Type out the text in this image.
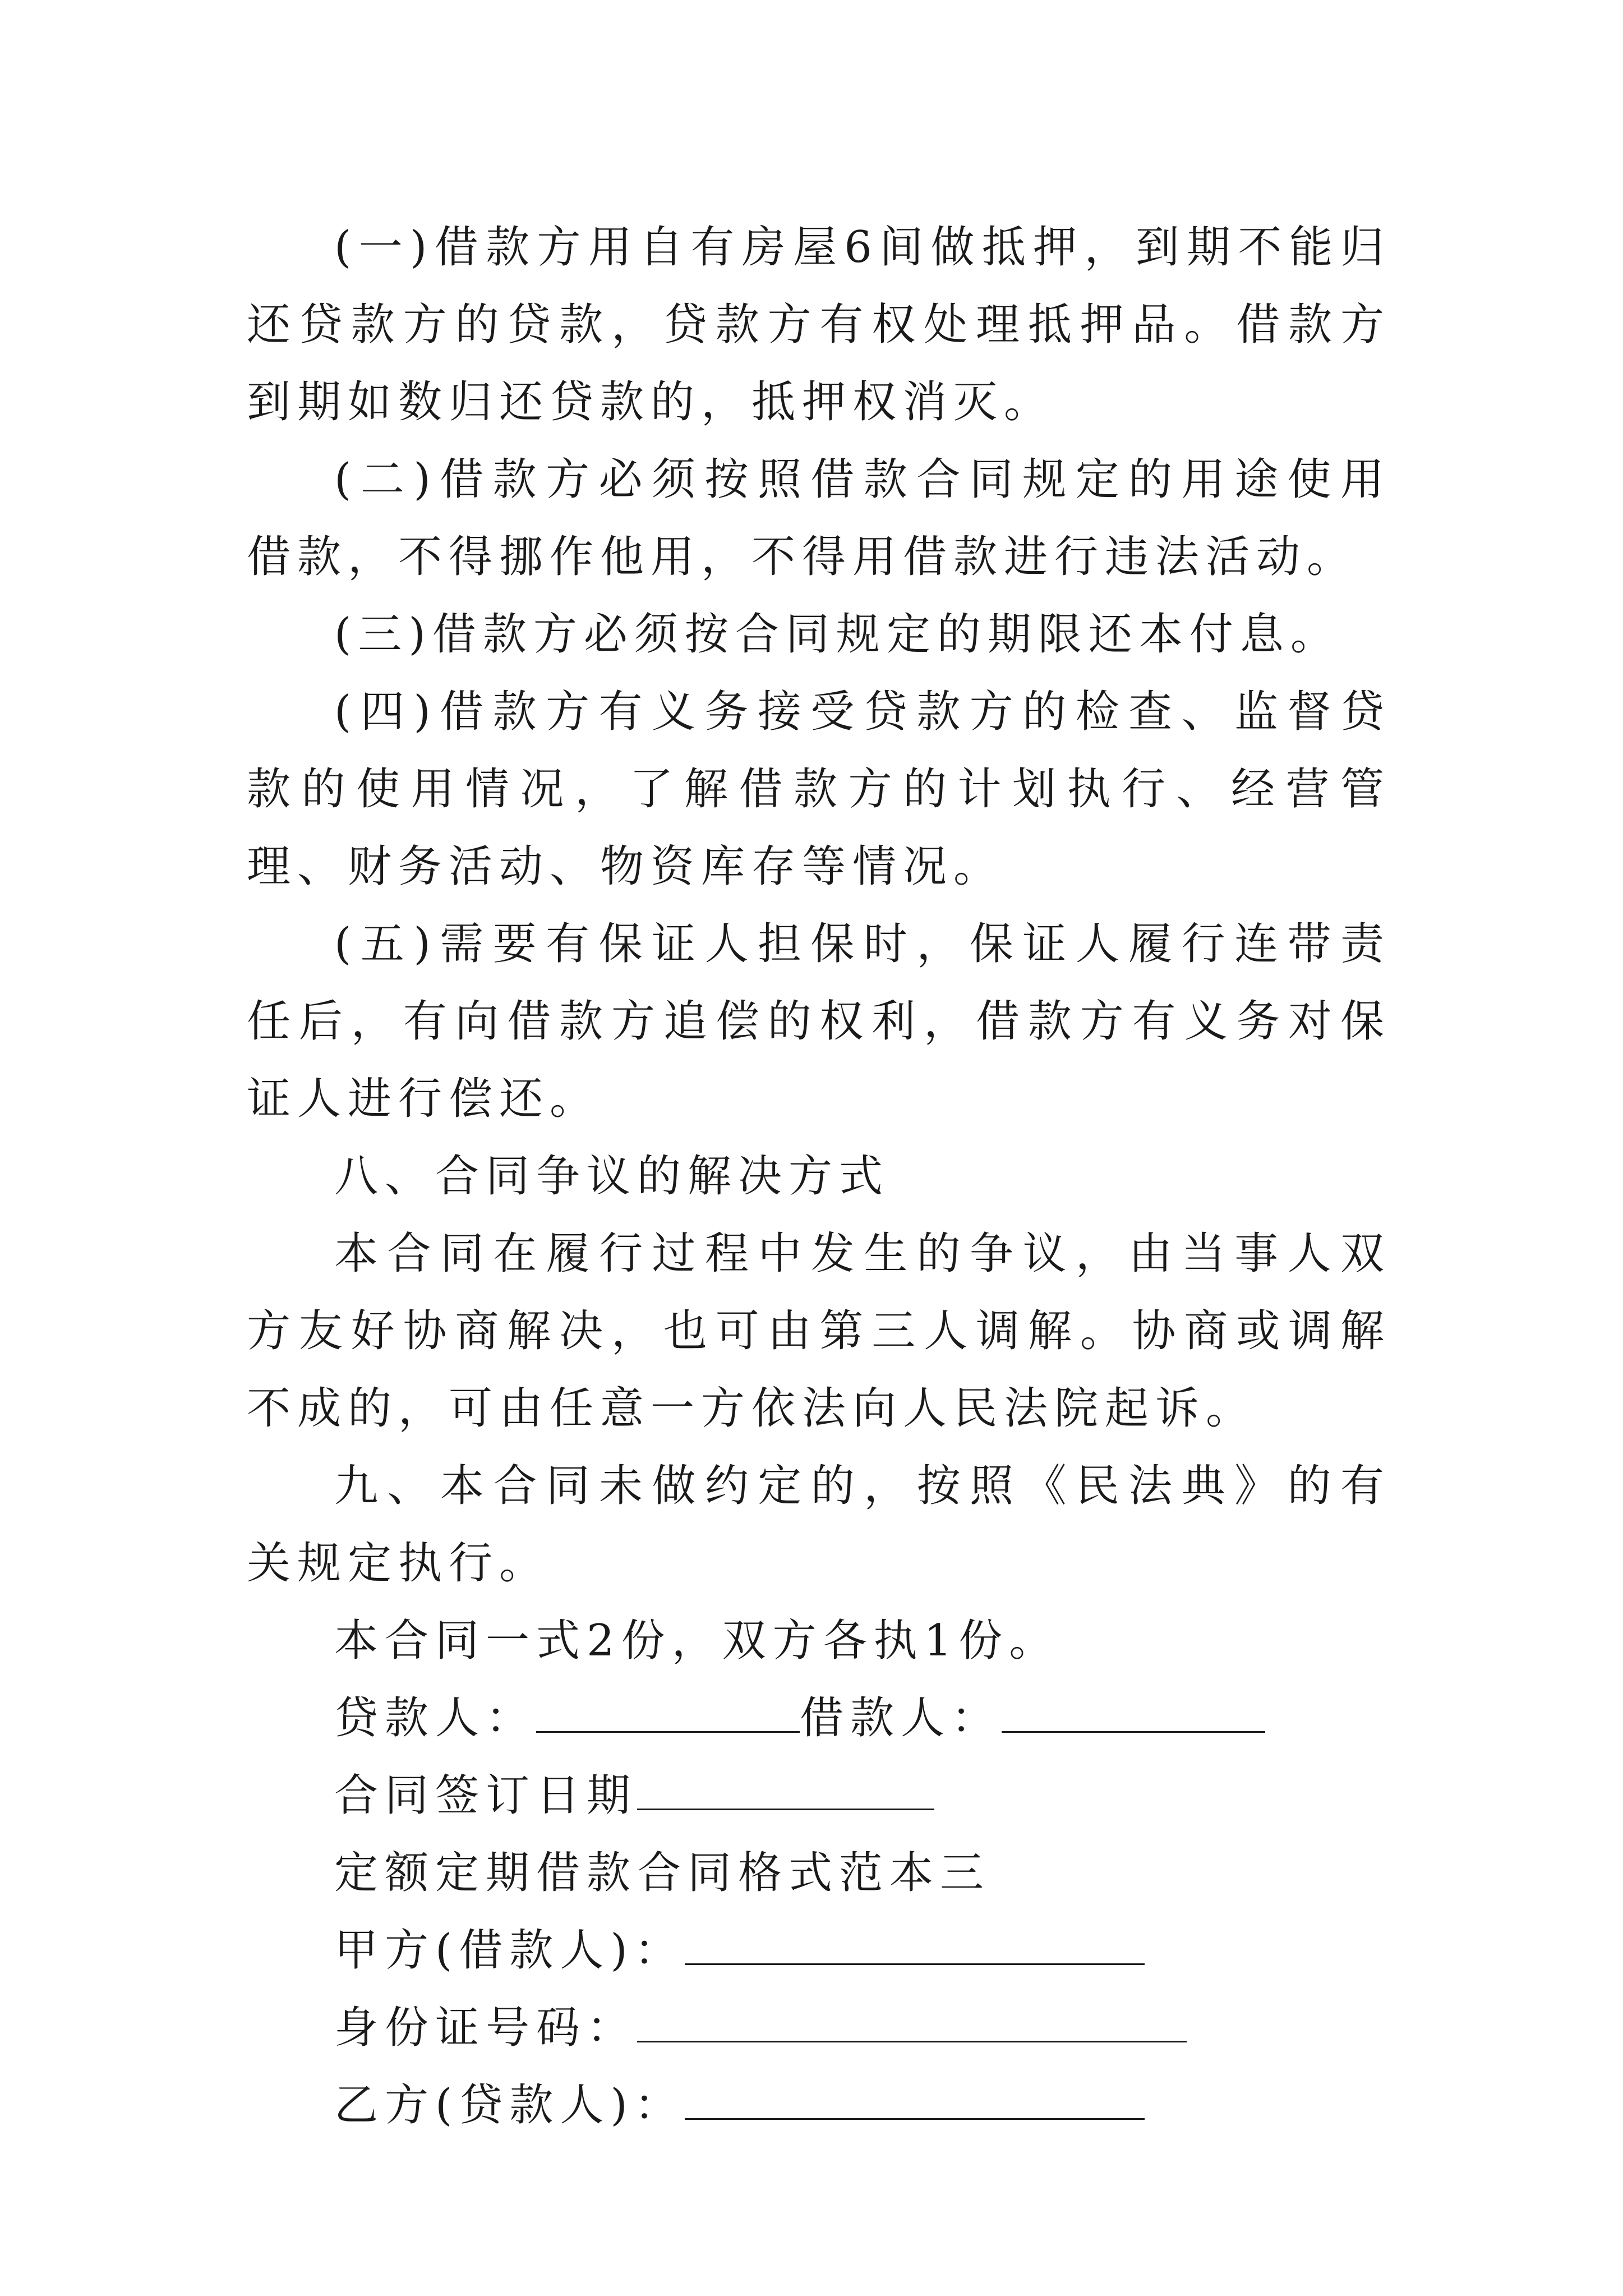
(一)借款方用自有房屋6间做抵押，到期不能归还贷款方的贷款，贷款方有权处理抵押品。借款方到期如数归还贷款的，抵押权消灭。

(二)借款方必须按照借款合同规定的用途使用借款，不得挪作他用，不得用借款进行违法活动。

(三)借款方必须按合同规定的期限还本付息。

(四)借款方有义务接受贷款方的检查、监督贷款的使用情况，了解借款方的计划执行、经营管理、财务活动、物资库存等情况。

(五)需要有保证人担保时，保证人履行连带责任后，有向借款方追偿的权利，借款方有义务对保证人进行偿还。

八、合同争议的解决方式

本合同在履行过程中发生的争议，由当事人双方友好协商解决，也可由第三人调解。协商或调解不成的，可由任意一方依法向人民法院起诉。

九、本合同未做约定的，按照《民法典》的有关规定执行。

本合同一式2份，双方各执1份。

贷款人：	借款人：

合同签订日期

定额定期借款合同格式范本三

甲方(借款人)：

身份证号码：

乙方(贷款人)：
